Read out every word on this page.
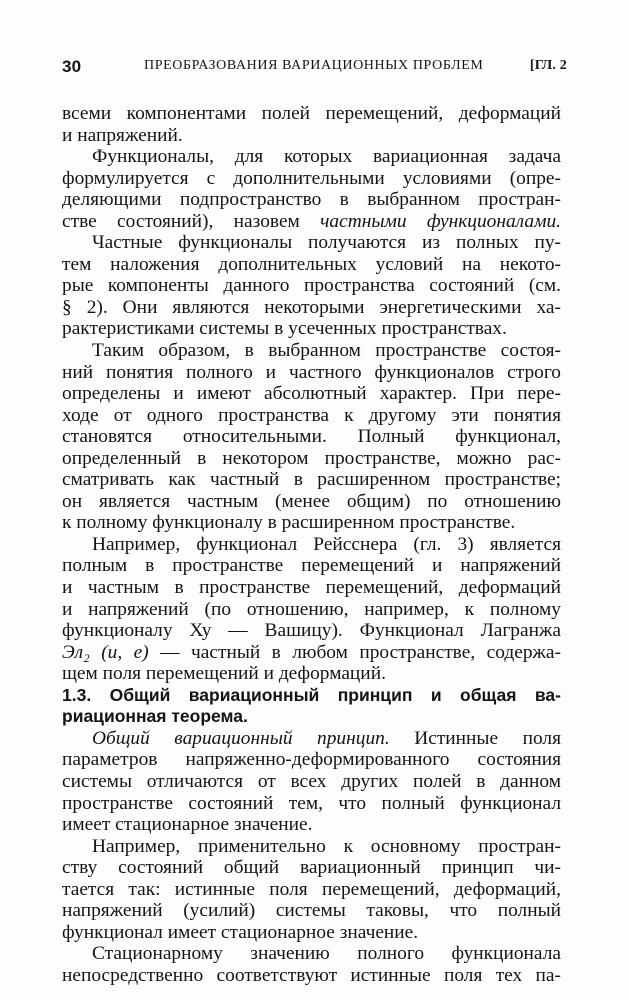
30	ПРЕОБРАЗОВАНИЯ ВАРИАЦИОННЫХ ПРОБЛЕМ	[ГЛ. 2
всеми компонентами полей перемещений, деформаций
и напряжений.
Функционалы, для которых вариационная задача
формулируется с дополнительными условиями (опре-
деляющими подпространство в выбранном простран-
стве состояний), назовем частными функционалами.
Частные функционалы получаются из полных пу-
тем наложения дополнительных условий на некото-
рые компоненты данного пространства состояний (см.
§ 2). Они являются некоторыми энергетическими ха-
рактеристиками системы в усеченных пространствах.
Таким образом, в выбранном пространстве состоя-
ний понятия полного и частного функционалов строго
определены и имеют абсолютный характер. При пере-
ходе от одного пространства к другому эти понятия
становятся относительными. Полный функционал,
определенный в некотором пространстве, можно рас-
сматривать как частный в расширенном пространстве;
он является частным (менее общим) по отношению
к полному функционалу в расширенном пространстве.
Например, функционал Рейсснера (гл. 3) является
полным в пространстве перемещений и напряжений
и частным в пространстве перемещений, деформаций
и напряжений (по отношению, например, к полному
функционалу Ху — Вашицу). Функционал Лагранжа
Эл₂ (u, e) — частный в любом пространстве, содержа-
щем поля перемещений и деформаций.
1.3. Общий вариационный принцип и общая ва-
риационная теорема.
Общий вариационный принцип. Истинные поля
параметров напряженно-деформированного состояния
системы отличаются от всех других полей в данном
пространстве состояний тем, что полный функционал
имеет стационарное значение.
Например, применительно к основному простран-
ству состояний общий вариационный принцип чи-
тается так: истинные поля перемещений, деформаций,
напряжений (усилий) системы таковы, что полный
функционал имеет стационарное значение.
Стационарному значению полного функционала
непосредственно соответствуют истинные поля тех па-
